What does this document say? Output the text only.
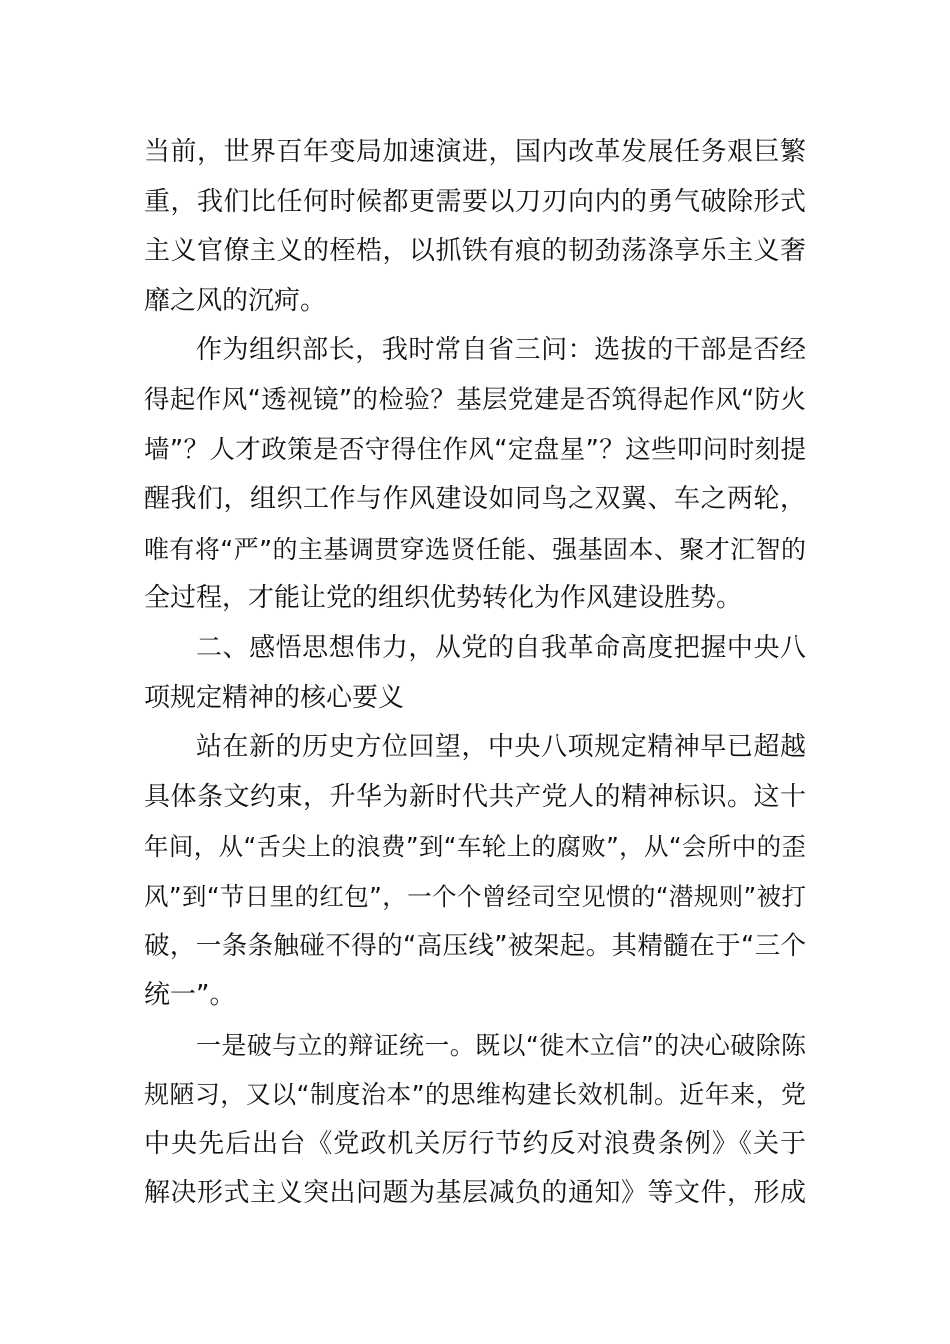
当前，世界百年变局加速演进，国内改革发展任务艰巨繁
重，我们比任何时候都更需要以刀刃向内的勇气破除形式
主义官僚主义的桎梏，以抓铁有痕的韧劲荡涤享乐主义奢
靡之风的沉疴。
作为组织部长，我时常自省三问：选拔的干部是否经
得起作风“透视镜”的检验？基层党建是否筑得起作风“防火
墙”？人才政策是否守得住作风“定盘星”？这些叩问时刻提
醒我们，组织工作与作风建设如同鸟之双翼、车之两轮，
唯有将“严”的主基调贯穿选贤任能、强基固本、聚才汇智的
全过程，才能让党的组织优势转化为作风建设胜势。
二、感悟思想伟力，从党的自我革命高度把握中央八
项规定精神的核心要义
站在新的历史方位回望，中央八项规定精神早已超越
具体条文约束，升华为新时代共产党人的精神标识。这十
年间，从“舌尖上的浪费”到“车轮上的腐败”，从“会所中的歪
风”到“节日里的红包”，一个个曾经司空见惯的“潜规则”被打
破，一条条触碰不得的“高压线”被架起。其精髓在于“三个
统一”。
一是破与立的辩证统一。既以“徙木立信”的决心破除陈
规陋习，又以“制度治本”的思维构建长效机制。近年来，党
中央先后出台《党政机关厉行节约反对浪费条例》《关于
解决形式主义突出问题为基层减负的通知》等文件，形成
